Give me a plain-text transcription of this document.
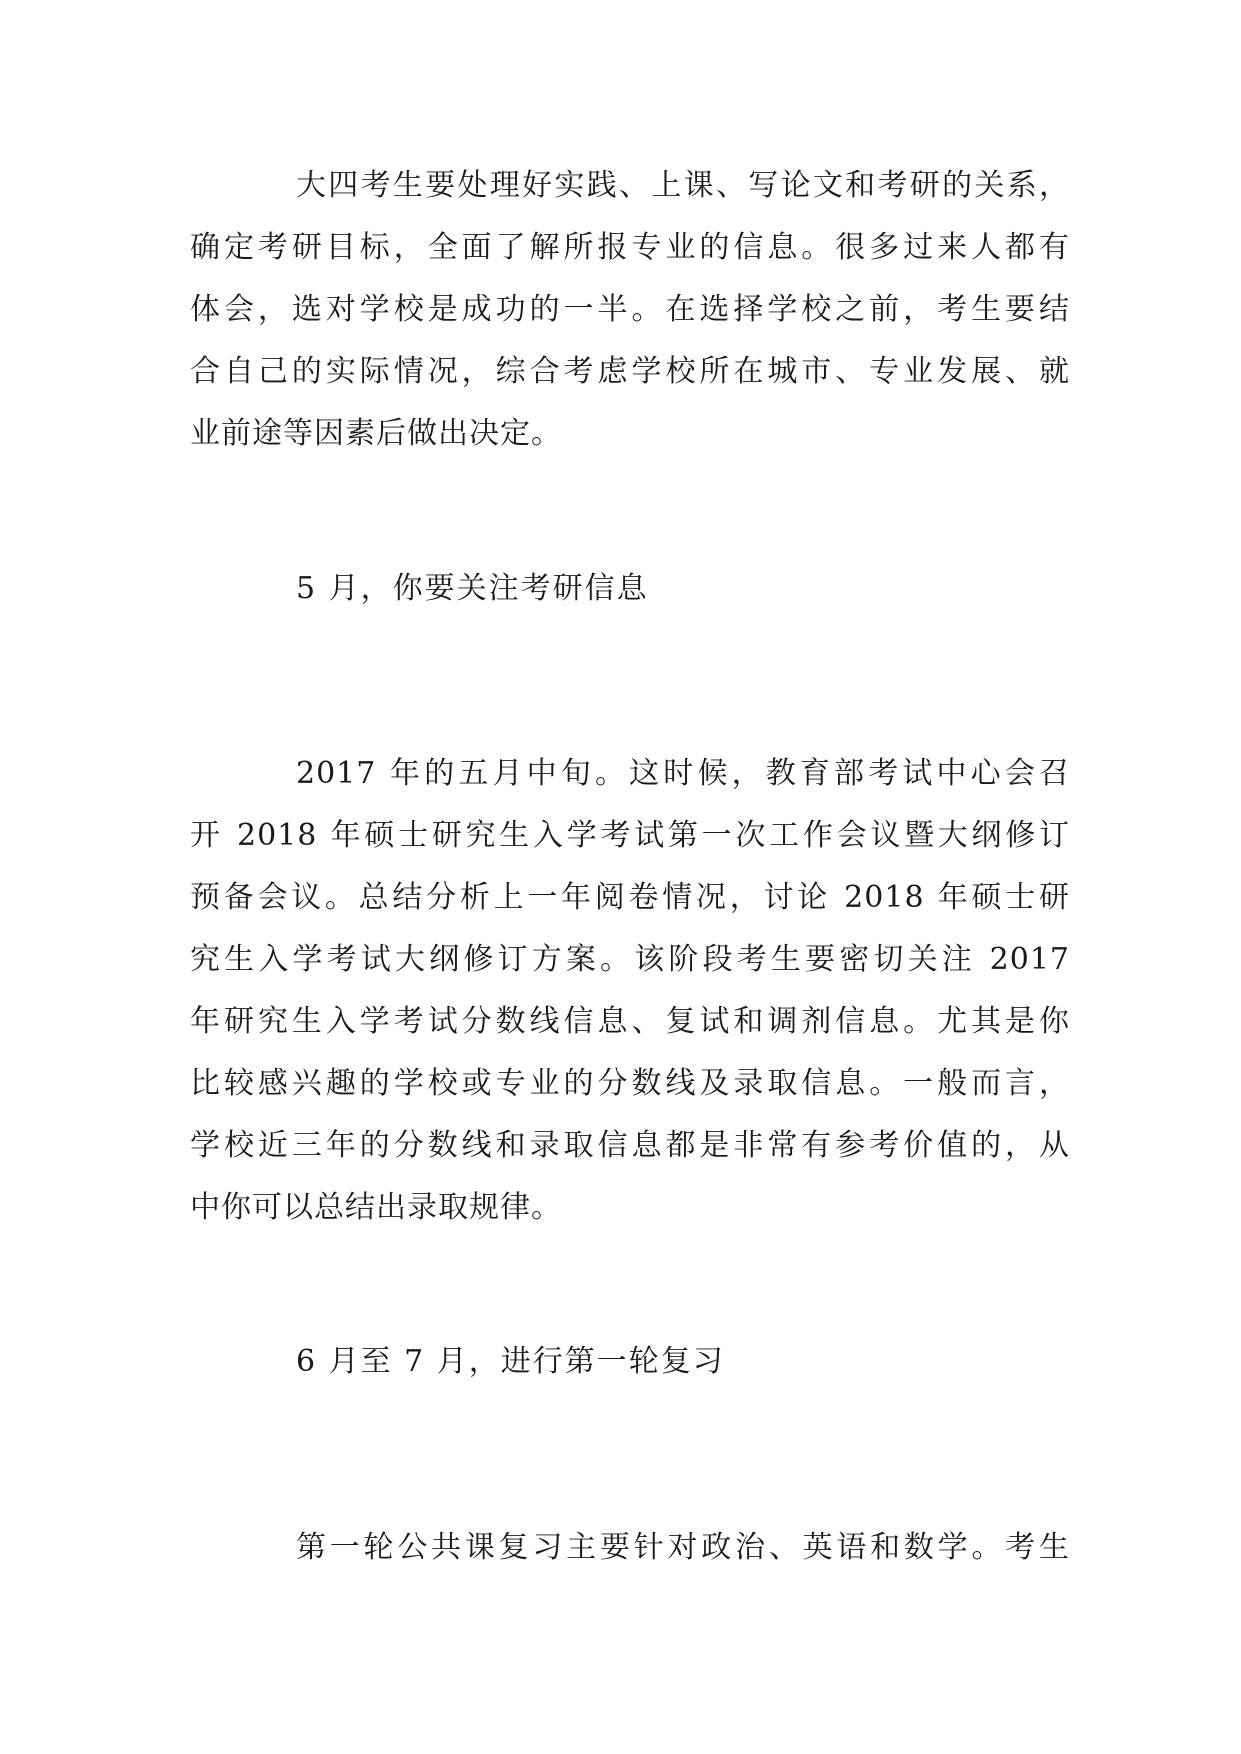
大四考生要处理好实践、上课、写论文和考研的关系，
确定考研目标，全面了解所报专业的信息。很多过来人都有
体会，选对学校是成功的一半。在选择学校之前，考生要结
合自己的实际情况，综合考虑学校所在城市、专业发展、就
业前途等因素后做出决定。
5 月，你要关注考研信息
2017 年的五月中旬。这时候，教育部考试中心会召
开 2018 年硕士研究生入学考试第一次工作会议暨大纲修订
预备会议。总结分析上一年阅卷情况，讨论 2018 年硕士研
究生入学考试大纲修订方案。该阶段考生要密切关注 2017
年研究生入学考试分数线信息、复试和调剂信息。尤其是你
比较感兴趣的学校或专业的分数线及录取信息。一般而言，
学校近三年的分数线和录取信息都是非常有参考价值的，从
中你可以总结出录取规律。
6 月至 7 月，进行第一轮复习
第一轮公共课复习主要针对政治、英语和数学。考生
